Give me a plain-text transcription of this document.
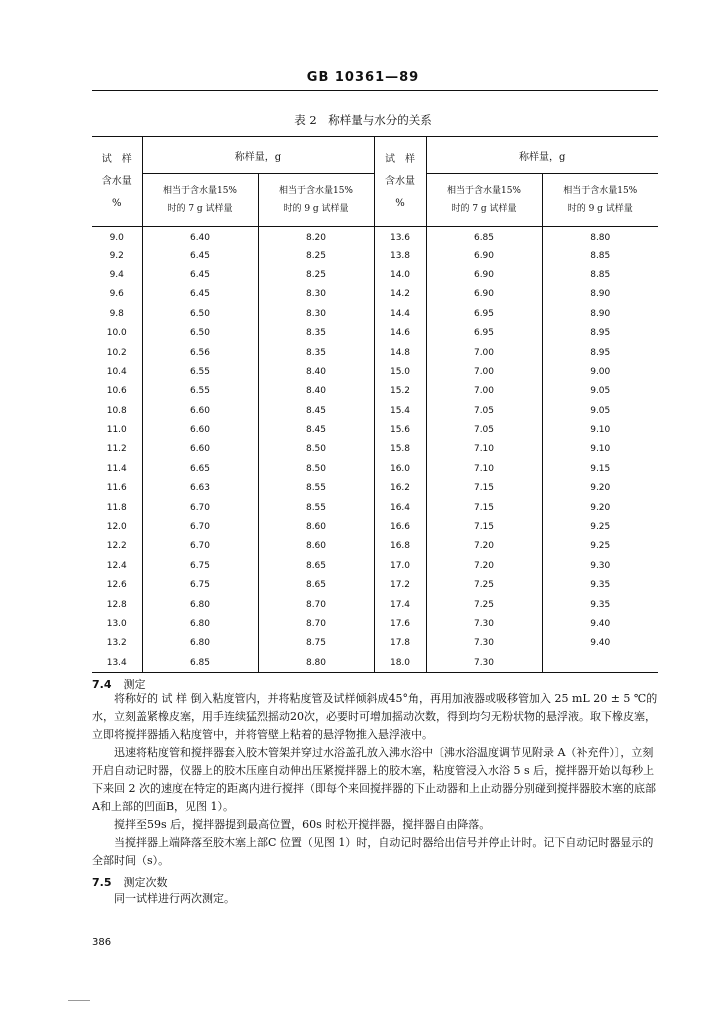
GB 10361—89
表 2　称样量与水分的关系
试　样
含水量
%	称样量，g		试　样
含水量
%	称样量，g	

	相当于含水量15%
时的 7 g 试样量	相当于含水量15%
时的 9 g 试样量		相当于含水量15%
时的 7 g 试样量	相当于含水量15%
时的 9 g 试样量

9.0	6.40	8.20	13.6	6.85	8.80
9.2	6.45	8.25	13.8	6.90	8.85
9.4	6.45	8.25	14.0	6.90	8.85
9.6	6.45	8.30	14.2	6.90	8.90
9.8	6.50	8.30	14.4	6.95	8.90
10.0	6.50	8.35	14.6	6.95	8.95
10.2	6.56	8.35	14.8	7.00	8.95
10.4	6.55	8.40	15.0	7.00	9.00
10.6	6.55	8.40	15.2	7.00	9.05
10.8	6.60	8.45	15.4	7.05	9.05
11.0	6.60	8.45	15.6	7.05	9.10
11.2	6.60	8.50	15.8	7.10	9.10
11.4	6.65	8.50	16.0	7.10	9.15
11.6	6.63	8.55	16.2	7.15	9.20
11.8	6.70	8.55	16.4	7.15	9.20
12.0	6.70	8.60	16.6	7.15	9.25
12.2	6.70	8.60	16.8	7.20	9.25
12.4	6.75	8.65	17.0	7.20	9.30
12.6	6.75	8.65	17.2	7.25	9.35
12.8	6.80	8.70	17.4	7.25	9.35
13.0	6.80	8.70	17.6	7.30	9.40
13.2	6.80	8.75	17.8	7.30	9.40
13.4	6.85	8.80	18.0	7.30	
7.4 测定

将称好的 试 样 倒入粘度管内，并将粘度管及试样倾斜成45°角，再用加液器或吸移管加入 25 mL 20 ± 5 ℃的水，立刻盖紧橡皮塞，用手连续猛烈摇动20次，必要时可增加摇动次数，得到均匀无粉状物的悬浮液。取下橡皮塞，立即将搅拌器插入粘度管中，并将管壁上粘着的悬浮物推入悬浮液中。

迅速将粘度管和搅拌器套入胶木管架并穿过水浴盖孔放入沸水浴中〔沸水浴温度调节见附录 A（补充件）〕，立刻开启自动记时器，仪器上的胶木压座自动伸出压紧搅拌器上的胶木塞，粘度管浸入水浴 5 s 后，搅拌器开始以每秒上下来回 2 次的速度在特定的距离内进行搅拌（即每个来回搅拌器的下止动器和上止动器分别碰到搅拌器胶木塞的底部A和上部的凹面B，见图 1）。

搅拌至59s 后，搅拌器提到最高位置，60s 时松开搅拌器，搅拌器自由降落。

当搅拌器上端降落至胶木塞上部C 位置（见图 1）时，自动记时器给出信号并停止计时。记下自动记时器显示的全部时间（s）。

7.5 测定次数

同一试样进行两次测定。

386
